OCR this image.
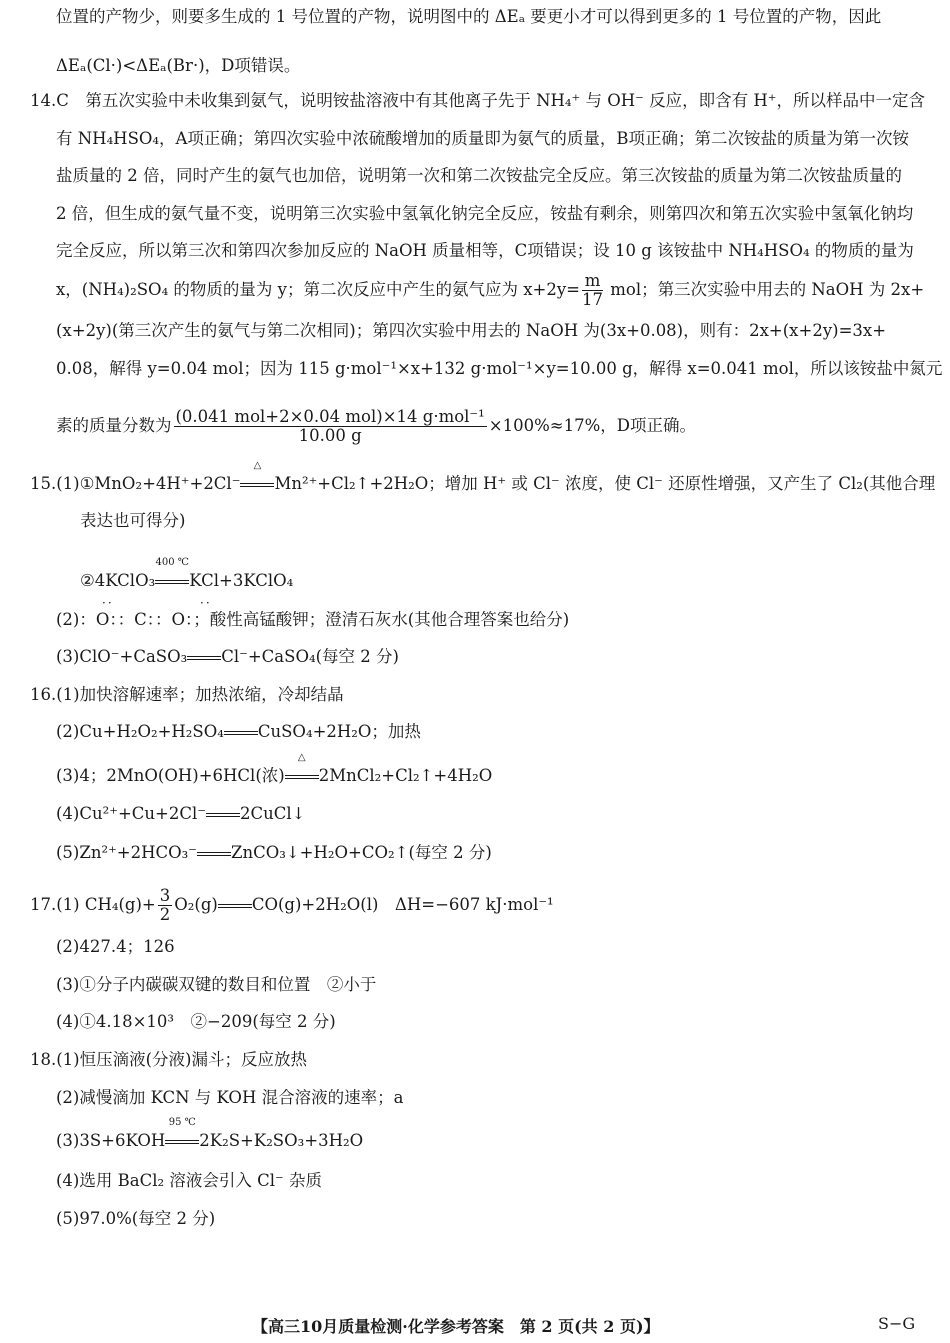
位置的产物少，则要多生成的 1 号位置的产物，说明图中的 ΔEₐ 要更小才可以得到更多的 1 号位置的产物，因此
ΔEₐ(Cl·)<ΔEₐ(Br·)，D项错误。
14.C　第五次实验中未收集到氨气，说明铵盐溶液中有其他离子先于 NH₄⁺ 与 OH⁻ 反应，即含有 H⁺，所以样品中一定含
有 NH₄HSO₄，A项正确；第四次实验中浓硫酸增加的质量即为氨气的质量，B项正确；第二次铵盐的质量为第一次铵
盐质量的 2 倍，同时产生的氨气也加倍，说明第一次和第二次铵盐完全反应。第三次铵盐的质量为第二次铵盐质量的
2 倍，但生成的氨气量不变，说明第三次实验中氢氧化钠完全反应，铵盐有剩余，则第四次和第五次实验中氢氧化钠均
完全反应，所以第三次和第四次参加反应的 NaOH 质量相等，C项错误；设 10 g 该铵盐中 NH₄HSO₄ 的物质的量为
x，(NH₄)₂SO₄ 的物质的量为 y；第二次反应中产生的氨气应为 $x+2y= \frac{m}{17}$ mol；第三次实验中用去的 NaOH 为 2x+
(x+2y)(第三次产生的氨气与第二次相同)；第四次实验中用去的 NaOH 为(3x+0.08)，则有：2x+(x+2y)=3x+
0.08，解得 y=0.04 mol；因为 115 g·mol⁻¹×x+132 g·mol⁻¹×y=10.00 g，解得 x=0.041 mol，所以该铵盐中氮元
素的质量分数为 $\frac{\text{(0.041 mol+2×0.04 mol)×14 g·mol⁻¹}}{10.00 g} \times 100\%\approx 17\%$，D项正确。
15.(1)①MnO₂+4H⁺+2Cl⁻
△
Mn²⁺+Cl₂↑+2H₂O；增加 H⁺ 或 Cl⁻ 浓度，使 Cl⁻ 还原性增强，又产生了 Cl₂(其他合理
表达也可得分)
②4KClO₃
400 ℃
KCl+3KClO₄
··	··
(2)：O：：C：：O：；酸性高锰酸钾；澄清石灰水(其他合理答案也给分)
(3)ClO⁻+CaSO₃ Cl⁻+CaSO₄(每空 2 分)
16.(1)加快溶解速率；加热浓缩，冷却结晶
(2)Cu+H₂O₂+H₂SO₄ CuSO₄+2H₂O；加热
(3)4；2MnO(OH)+6HCl(浓)
△
2MnCl₂+Cl₂↑+4H₂O
(4)Cu²⁺+Cu+2Cl⁻ 2CuCl↓
(5)Zn²⁺+2HCO₃⁻ ZnCO₃↓+H₂O+CO₂↑(每空 2 分)
17.(1) $CH_4(g)+ \frac{3}{2} O_2(g)$ CO(g)+2H₂O(l)　ΔH=−607 kJ·mol⁻¹
(2)427.4；126
(3)①分子内碳碳双键的数目和位置　②小于
(4)①4.18×10³　②−209(每空 2 分)
18.(1)恒压滴液(分液)漏斗；反应放热
(2)减慢滴加 KCN 与 KOH 混合溶液的速率；a
(3)3S+6KOH
95 ℃
2K₂S+K₂SO₃+3H₂O
(4)选用 BaCl₂ 溶液会引入 Cl⁻ 杂质
(5)97.0%(每空 2 分)
【高三10月质量检测·化学参考答案　第 2 页(共 2 页)】	S−G
